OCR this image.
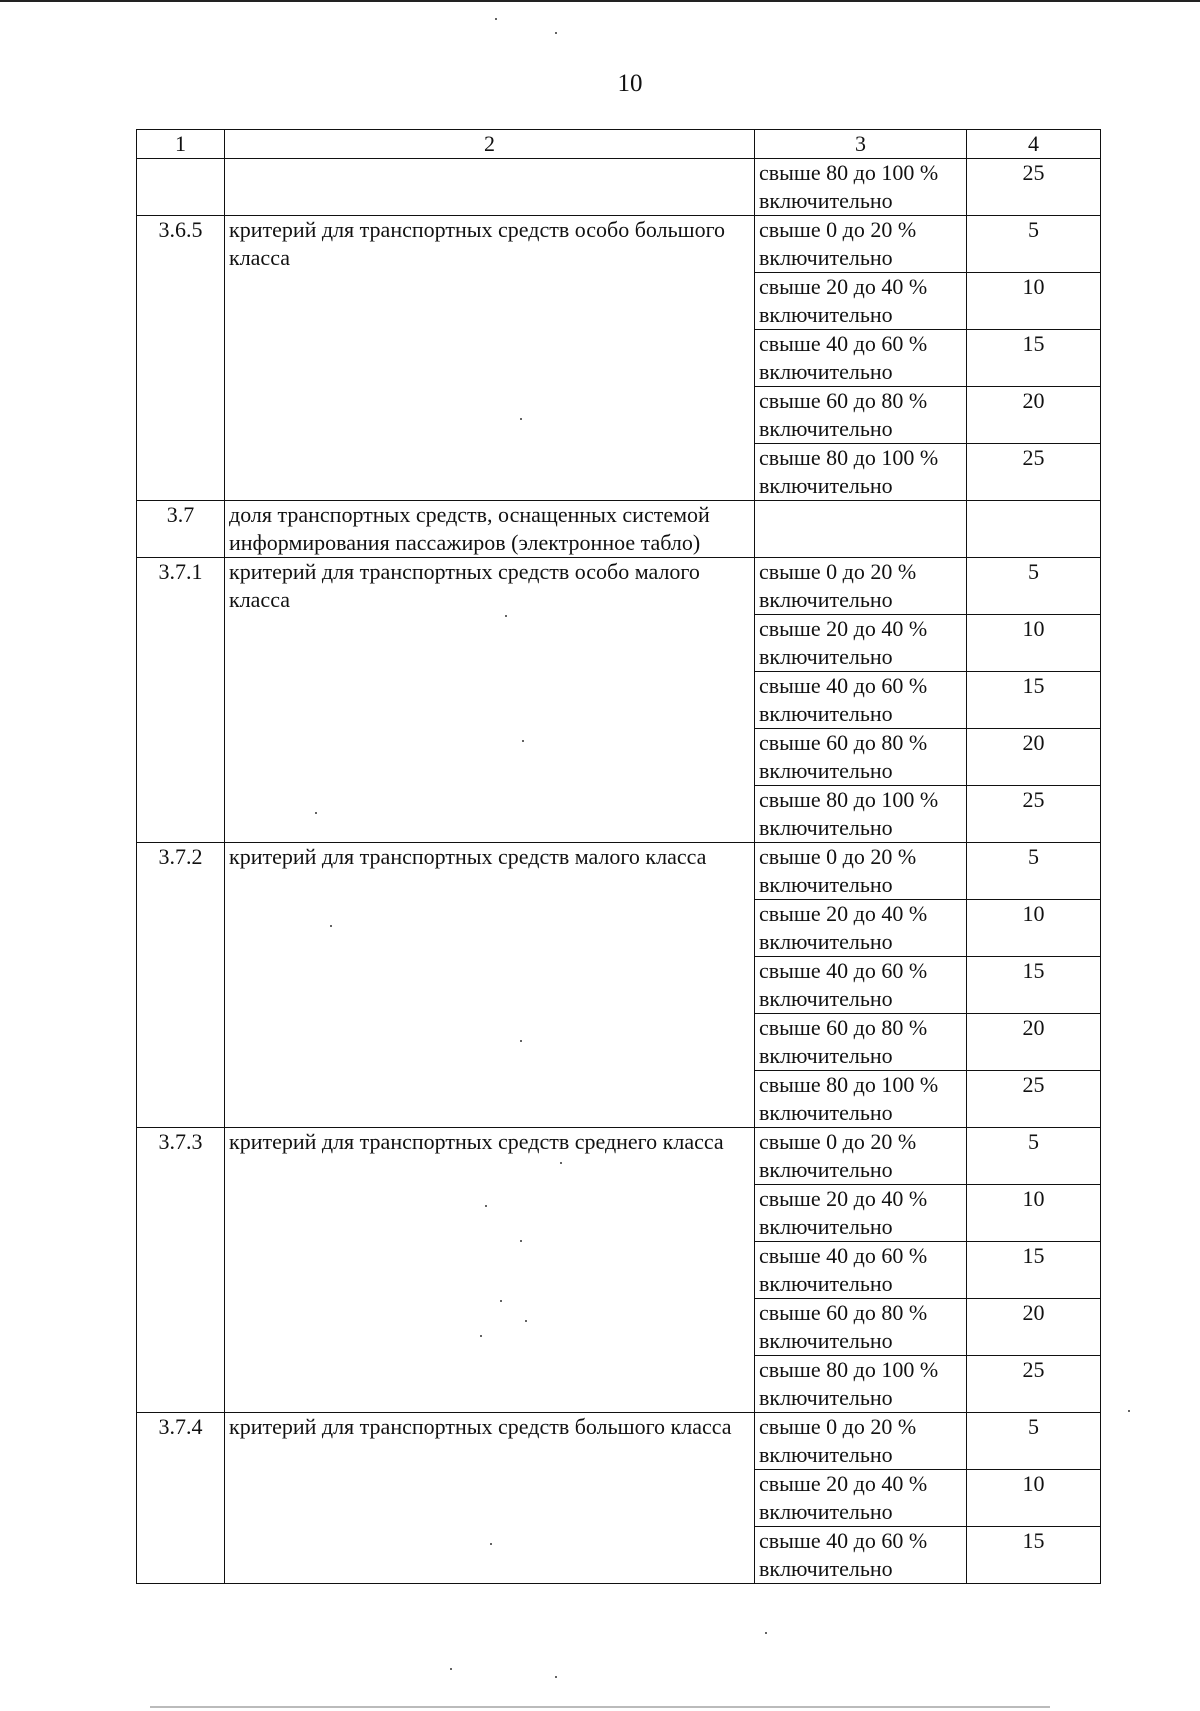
10
1	2	3	4
		свыше 80 до 100 % включительно	25
3.6.5	критерий для транспортных средств особо большого класса	свыше 0 до 20 % включительно	5
		свыше 20 до 40 % включительно	10
		свыше 40 до 60 % включительно	15
		свыше 60 до 80 % включительно	20
		свыше 80 до 100 % включительно	25
3.7	доля транспортных средств, оснащенных системой информирования пассажиров (электронное табло)		
3.7.1	критерий для транспортных средств особо малого класса	свыше 0 до 20 % включительно	5
		свыше 20 до 40 % включительно	10
		свыше 40 до 60 % включительно	15
		свыше 60 до 80 % включительно	20
		свыше 80 до 100 % включительно	25
3.7.2	критерий для транспортных средств малого класса	свыше 0 до 20 % включительно	5
		свыше 20 до 40 % включительно	10
		свыше 40 до 60 % включительно	15
		свыше 60 до 80 % включительно	20
		свыше 80 до 100 % включительно	25
3.7.3	критерий для транспортных средств среднего класса	свыше 0 до 20 % включительно	5
		свыше 20 до 40 % включительно	10
		свыше 40 до 60 % включительно	15
		свыше 60 до 80 % включительно	20
		свыше 80 до 100 % включительно	25
3.7.4	критерий для транспортных средств большого класса	свыше 0 до 20 % включительно	5
		свыше 20 до 40 % включительно	10
		свыше 40 до 60 % включительно	15
